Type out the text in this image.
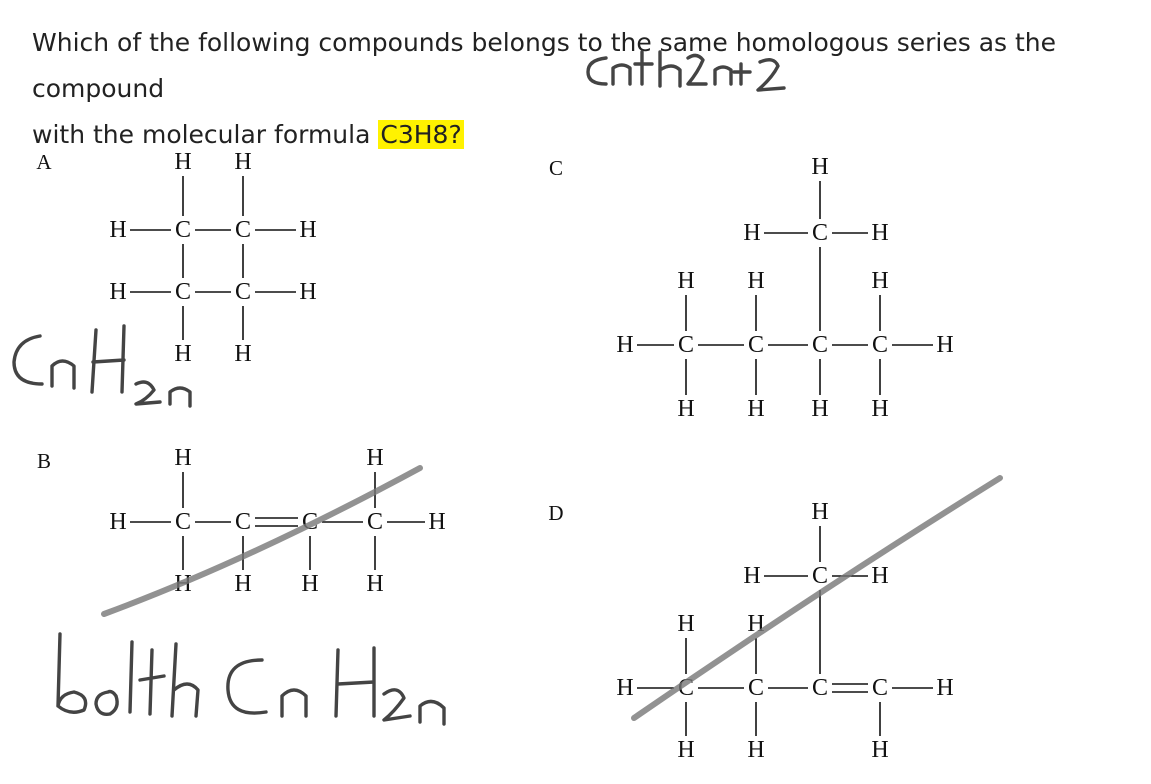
Which of the following compounds belongs to the same homologous series as the compound
with the molecular formula C3H8?

H H
H C C H
H C C H
H H
H	H
H C C C C H
H H H H
H
H C H
H H	H
H C C C C H
H H H H
H
H C H
H H
H C C C C H
H H	H
A
B
C
D
